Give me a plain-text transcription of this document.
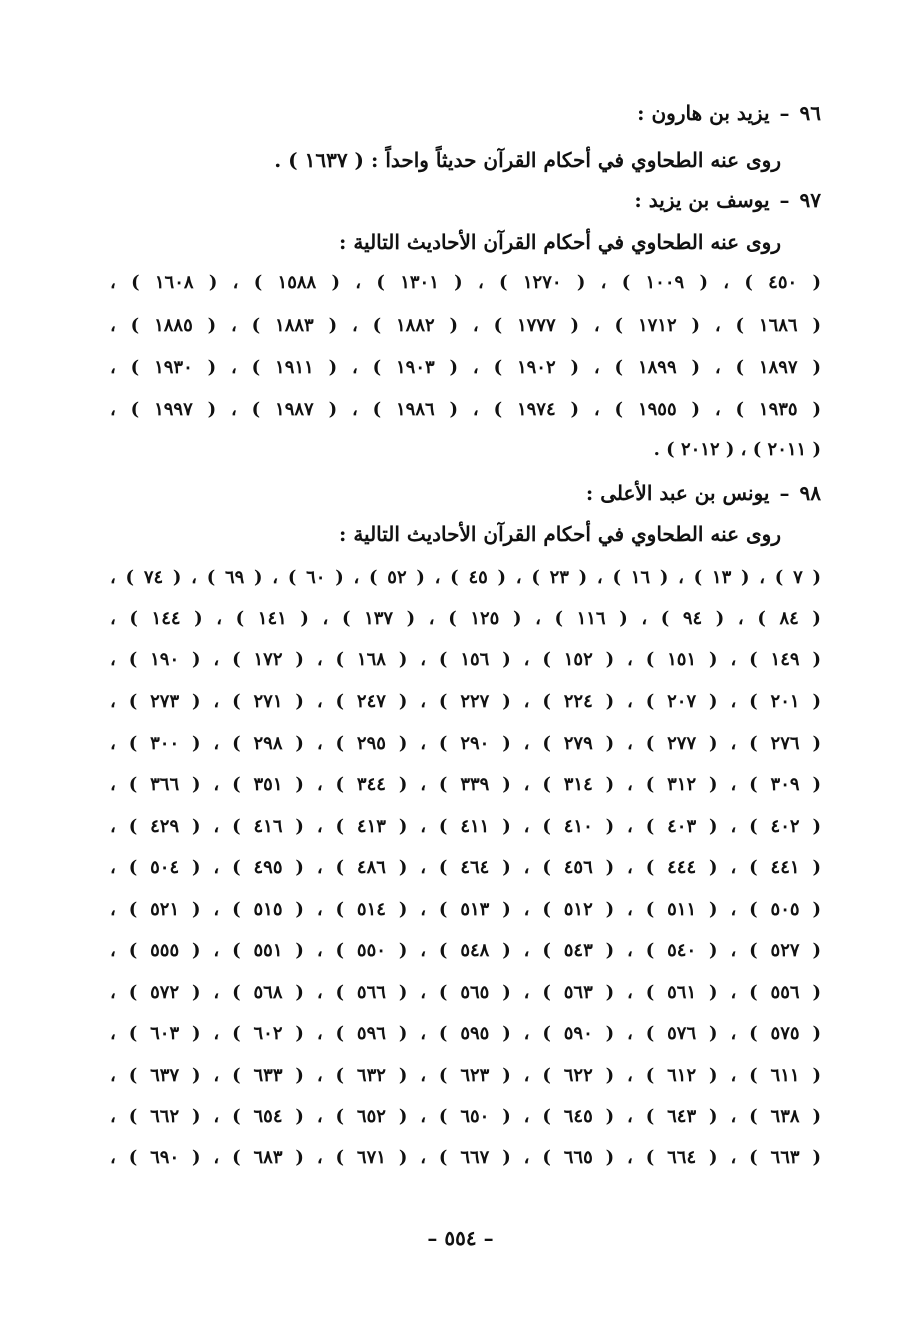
٩٦–يزيد بن هارون :
روى عنه الطحاوي في أحكام القرآن حديثاً واحداً : ( ١٦٣٧ ) .
٩٧–يوسف بن يزيد :
روى عنه الطحاوي في أحكام القرآن الأحاديث التالية :
( ٤٥٠ ) ، ( ١٠٠٩ ) ، ( ١٢٧٠ ) ، ( ١٣٠١ ) ، ( ١٥٨٨ ) ، ( ١٦٠٨ ) ،
( ١٦٨٦ ) ، ( ١٧١٢ ) ، ( ١٧٧٧ ) ، ( ١٨٨٢ ) ، ( ١٨٨٣ ) ، ( ١٨٨٥ ) ،
( ١٨٩٧ ) ، ( ١٨٩٩ ) ، ( ١٩٠٢ ) ، ( ١٩٠٣ ) ، ( ١٩١١ ) ، ( ١٩٣٠ ) ،
( ١٩٣٥ ) ، ( ١٩٥٥ ) ، ( ١٩٧٤ ) ، ( ١٩٨٦ ) ، ( ١٩٨٧ ) ، ( ١٩٩٧ ) ،
( ٢٠١١ ) ، ( ٢٠١٢ ) .
٩٨–يونس بن عبد الأعلى :
روى عنه الطحاوي في أحكام القرآن الأحاديث التالية :
( ٧ ) ، ( ١٣ ) ، ( ١٦ ) ، ( ٢٣ ) ، ( ٤٥ ) ، ( ٥٢ ) ، ( ٦٠ ) ، ( ٦٩ ) ، ( ٧٤ ) ،
( ٨٤ ) ، ( ٩٤ ) ، ( ١١٦ ) ، ( ١٢٥ ) ، ( ١٣٧ ) ، ( ١٤١ ) ، ( ١٤٤ ) ،
( ١٤٩ ) ، ( ١٥١ ) ، ( ١٥٢ ) ، ( ١٥٦ ) ، ( ١٦٨ ) ، ( ١٧٢ ) ، ( ١٩٠ ) ،
( ٢٠١ ) ، ( ٢٠٧ ) ، ( ٢٢٤ ) ، ( ٢٢٧ ) ، ( ٢٤٧ ) ، ( ٢٧١ ) ، ( ٢٧٣ ) ،
( ٢٧٦ ) ، ( ٢٧٧ ) ، ( ٢٧٩ ) ، ( ٢٩٠ ) ، ( ٢٩٥ ) ، ( ٢٩٨ ) ، ( ٣٠٠ ) ،
( ٣٠٩ ) ، ( ٣١٢ ) ، ( ٣١٤ ) ، ( ٣٣٩ ) ، ( ٣٤٤ ) ، ( ٣٥١ ) ، ( ٣٦٦ ) ،
( ٤٠٢ ) ، ( ٤٠٣ ) ، ( ٤١٠ ) ، ( ٤١١ ) ، ( ٤١٣ ) ، ( ٤١٦ ) ، ( ٤٢٩ ) ،
( ٤٤١ ) ، ( ٤٤٤ ) ، ( ٤٥٦ ) ، ( ٤٦٤ ) ، ( ٤٨٦ ) ، ( ٤٩٥ ) ، ( ٥٠٤ ) ،
( ٥٠٥ ) ، ( ٥١١ ) ، ( ٥١٢ ) ، ( ٥١٣ ) ، ( ٥١٤ ) ، ( ٥١٥ ) ، ( ٥٢١ ) ،
( ٥٢٧ ) ، ( ٥٤٠ ) ، ( ٥٤٣ ) ، ( ٥٤٨ ) ، ( ٥٥٠ ) ، ( ٥٥١ ) ، ( ٥٥٥ ) ،
( ٥٥٦ ) ، ( ٥٦١ ) ، ( ٥٦٣ ) ، ( ٥٦٥ ) ، ( ٥٦٦ ) ، ( ٥٦٨ ) ، ( ٥٧٢ ) ،
( ٥٧٥ ) ، ( ٥٧٦ ) ، ( ٥٩٠ ) ، ( ٥٩٥ ) ، ( ٥٩٦ ) ، ( ٦٠٢ ) ، ( ٦٠٣ ) ،
( ٦١١ ) ، ( ٦١٢ ) ، ( ٦٢٢ ) ، ( ٦٢٣ ) ، ( ٦٣٢ ) ، ( ٦٣٣ ) ، ( ٦٣٧ ) ،
( ٦٣٨ ) ، ( ٦٤٣ ) ، ( ٦٤٥ ) ، ( ٦٥٠ ) ، ( ٦٥٢ ) ، ( ٦٥٤ ) ، ( ٦٦٢ ) ،
( ٦٦٣ ) ، ( ٦٦٤ ) ، ( ٦٦٥ ) ، ( ٦٦٧ ) ، ( ٦٧١ ) ، ( ٦٨٣ ) ، ( ٦٩٠ ) ،
– ٥٥٤ –
